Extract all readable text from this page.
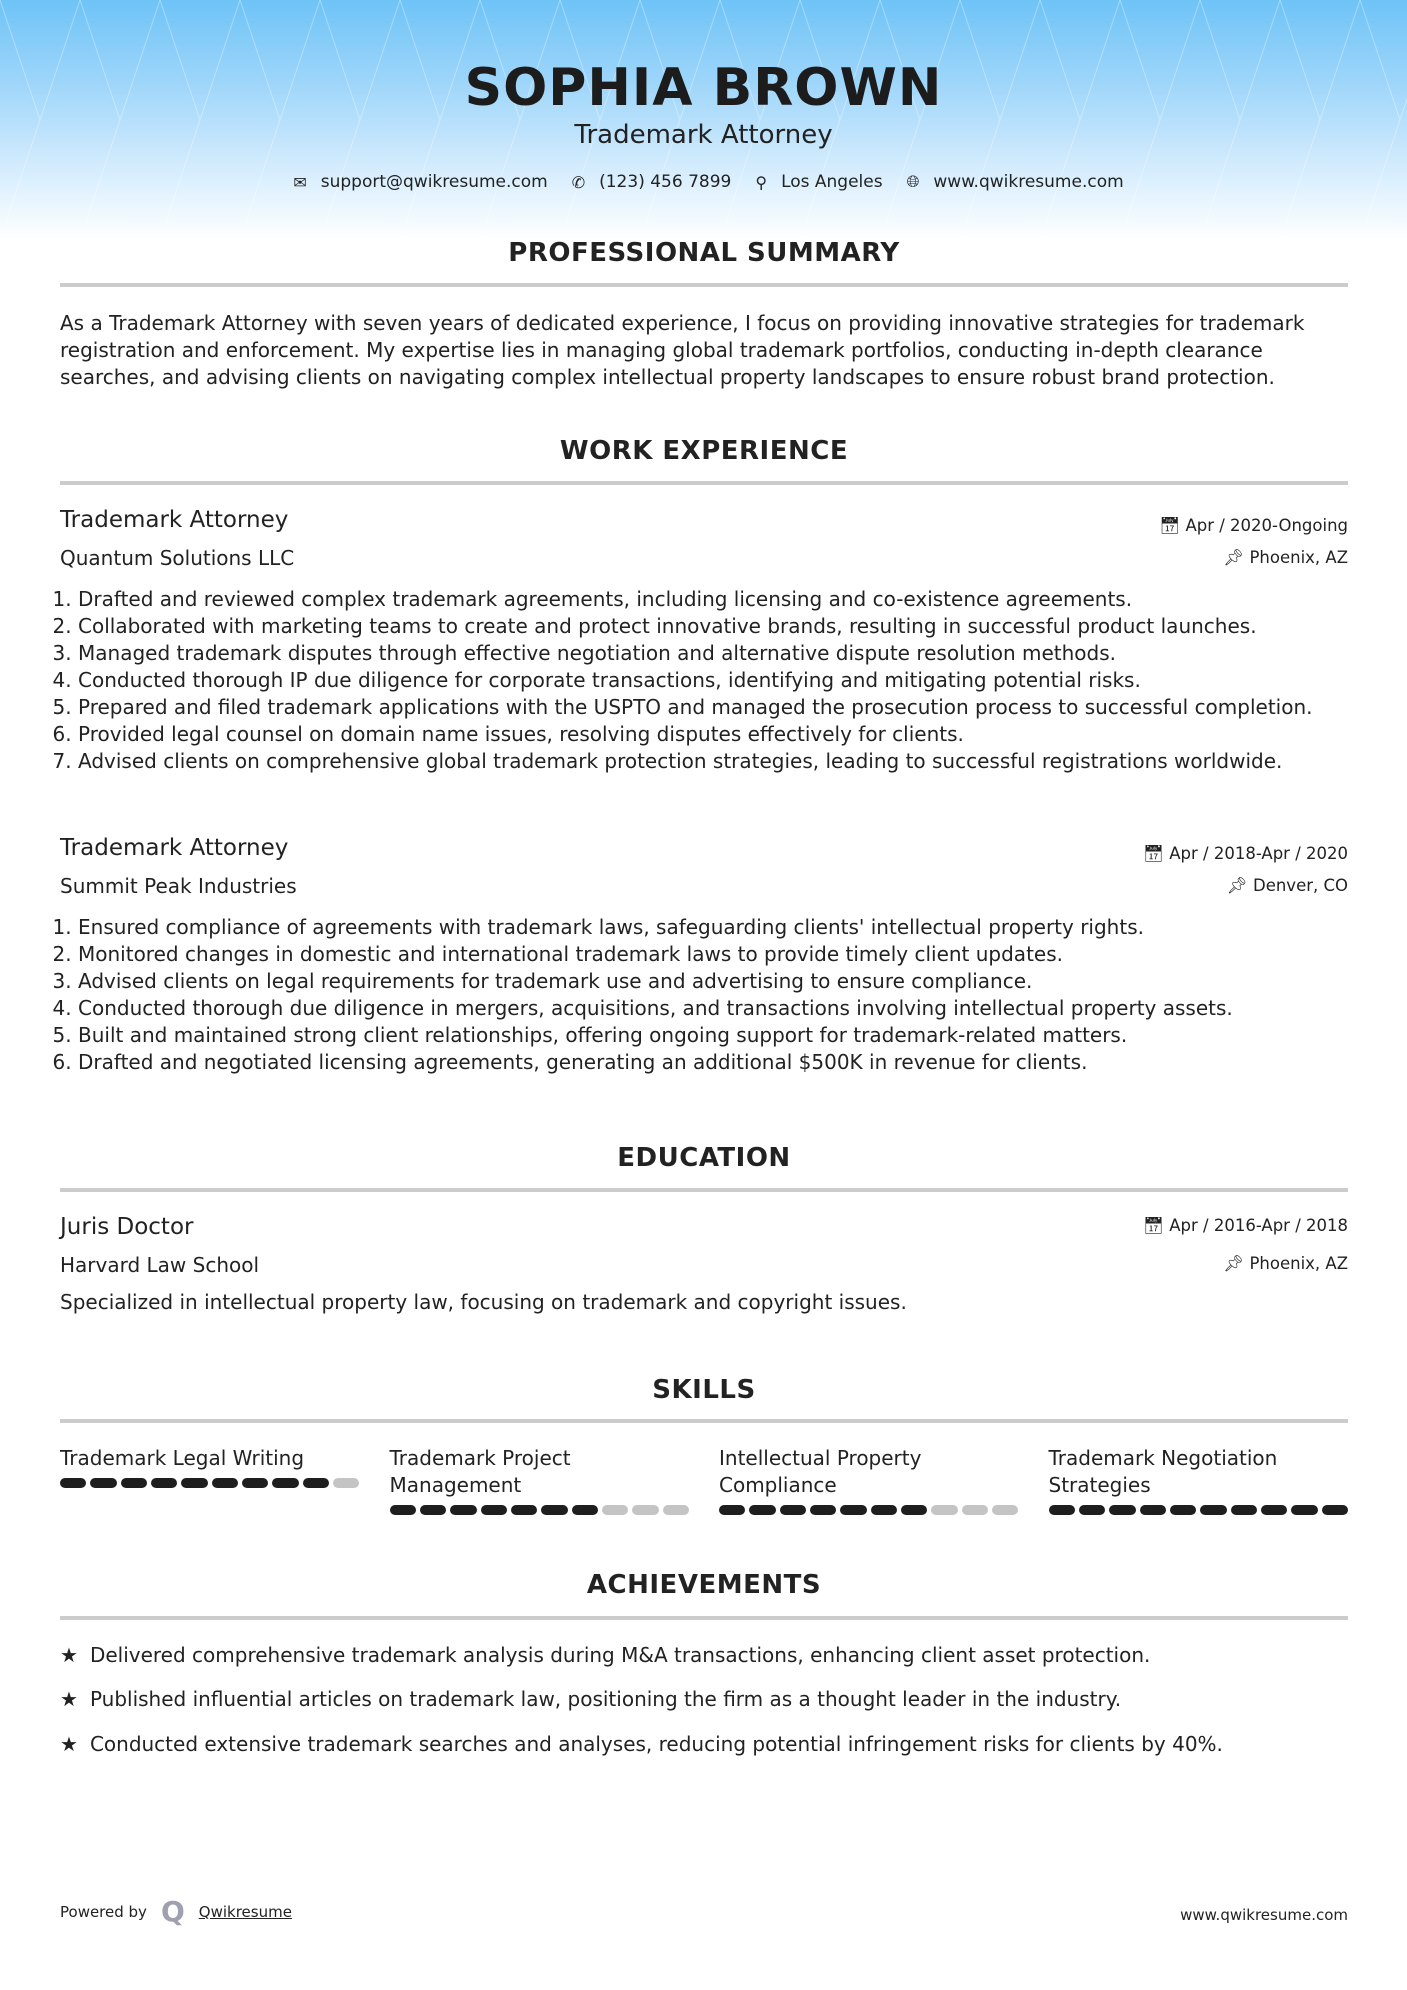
SOPHIA BROWN
Trademark Attorney
✉ support@qwikresume.com ✆ (123) 456 7899 ⚲ Los Angeles 🌐︎ www.qwikresume.com
PROFESSIONAL SUMMARY
As a Trademark Attorney with seven years of dedicated experience, I focus on providing innovative strategies for trademark registration and enforcement. My expertise lies in managing global trademark portfolios, conducting in-depth clearance searches, and advising clients on navigating complex intellectual property landscapes to ensure robust brand protection.
WORK EXPERIENCE
Trademark Attorney
Quantum Solutions LLC
📅︎ Apr / 2020-Ongoing
📌︎ Phoenix, AZ
1. Drafted and reviewed complex trademark agreements, including licensing and co-existence agreements.
2. Collaborated with marketing teams to create and protect innovative brands, resulting in successful product launches.
3. Managed trademark disputes through effective negotiation and alternative dispute resolution methods.
4. Conducted thorough IP due diligence for corporate transactions, identifying and mitigating potential risks.
5. Prepared and filed trademark applications with the USPTO and managed the prosecution process to successful completion.
6. Provided legal counsel on domain name issues, resolving disputes effectively for clients.
7. Advised clients on comprehensive global trademark protection strategies, leading to successful registrations worldwide.
Trademark Attorney
Summit Peak Industries
📅︎ Apr / 2018-Apr / 2020
📌︎ Denver, CO
1. Ensured compliance of agreements with trademark laws, safeguarding clients' intellectual property rights.
2. Monitored changes in domestic and international trademark laws to provide timely client updates.
3. Advised clients on legal requirements for trademark use and advertising to ensure compliance.
4. Conducted thorough due diligence in mergers, acquisitions, and transactions involving intellectual property assets.
5. Built and maintained strong client relationships, offering ongoing support for trademark-related matters.
6. Drafted and negotiated licensing agreements, generating an additional $500K in revenue for clients.
EDUCATION
Juris Doctor
Harvard Law School
📅︎ Apr / 2016-Apr / 2018
📌︎ Phoenix, AZ
Specialized in intellectual property law, focusing on trademark and copyright issues.
SKILLS
Trademark Legal Writing	Trademark Project Management
Intellectual Property Compliance
Trademark Negotiation Strategies
ACHIEVEMENTS
★ Delivered comprehensive trademark analysis during M&A transactions, enhancing client asset protection.
★ Published influential articles on trademark law, positioning the firm as a thought leader in the industry.
★ Conducted extensive trademark searches and analyses, reducing potential infringement risks for clients by 40%.
Powered by Q Qwikresume	www.qwikresume.com
